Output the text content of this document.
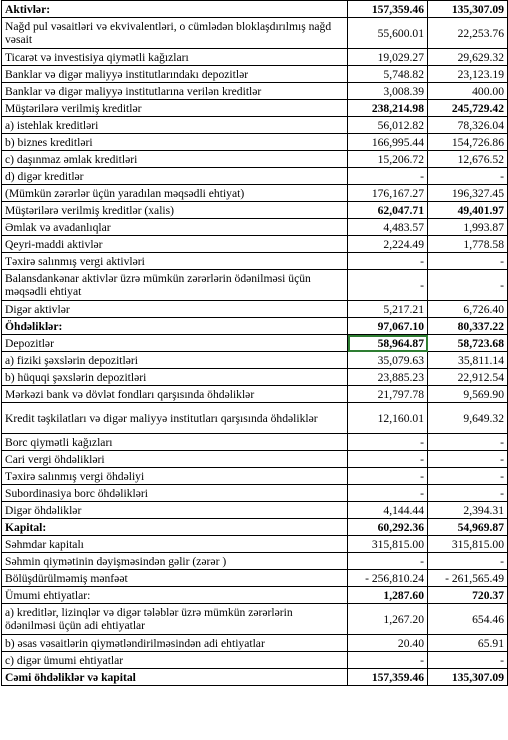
Aktivlər:	157,359.46	135,307.09
Nağd pul vəsaitləri və ekvivalentləri, o cümlədən bloklaşdırılmış nağd vəsait	55,600.01	22,253.76
Ticarət və investisiya qiymətli kağızları	19,029.27	29,629.32
Banklar və digər maliyyə institutlarındakı depozitlər	5,748.82	23,123.19
Banklar və digər maliyyə institutlarına verilən kreditlər	3,008.39	400.00
Müştərilərə verilmiş kreditlər	238,214.98	245,729.42
a) istehlak kreditləri	56,012.82	78,326.04
b) biznes kreditləri	166,995.44	154,726.86
c) daşınmaz əmlak kreditləri	15,206.72	12,676.52
d) digər kreditlər	-	-
(Mümkün zərərlər üçün yaradılan məqsədli ehtiyat)	176,167.27	196,327.45
Müştərilərə verilmiş kreditlər (xalis)	62,047.71	49,401.97
Əmlak və avadanlıqlar	4,483.57	1,993.87
Qeyri-maddi aktivlər	2,224.49	1,778.58
Təxirə salınmış vergi aktivləri	-	-
Balansdankənar aktivlər üzrə mümkün zərərlərin ödənilməsi üçün məqsədli ehtiyat	-	-
Digər aktivlər	5,217.21	6,726.40
Öhdəliklər:	97,067.10	80,337.22
Depozitlər	58,964.87	58,723.68
a) fiziki şəxslərin depozitləri	35,079.63	35,811.14
b) hüquqi şəxslərin depozitləri	23,885.23	22,912.54
Mərkəzi bank və dövlət fondları qarşısında öhdəliklər	21,797.78	9,569.90
Kredit təşkilatları və digər maliyyə institutları qarşısında öhdəliklər	12,160.01	9,649.32
Borc qiymətli kağızları	-	-
Cari vergi öhdəlikləri	-	-
Təxirə salınmış vergi öhdəliyi	-	-
Subordinasiya borc öhdəlikləri	-	-
Digər öhdəliklər	4,144.44	2,394.31
Kapital:	60,292.36	54,969.87
Səhmdar kapitalı	315,815.00	315,815.00
Səhmin qiymətinin dəyişməsindən gəlir (zərər )	-	-
Bölüşdürülməmiş mənfəət	- 256,810.24	- 261,565.49
Ümumi ehtiyatlar:	1,287.60	720.37
a) kreditlər, lizinqlər və digər tələblər üzrə mümkün zərərlərin ödənilməsi üçün adi ehtiyatlar	1,267.20	654.46
b) əsas vəsaitlərin qiymətləndirilməsindən adi ehtiyatlar	20.40	65.91
c) digər ümumi ehtiyatlar	-	-
Cəmi öhdəliklər və kapital	157,359.46	135,307.09
